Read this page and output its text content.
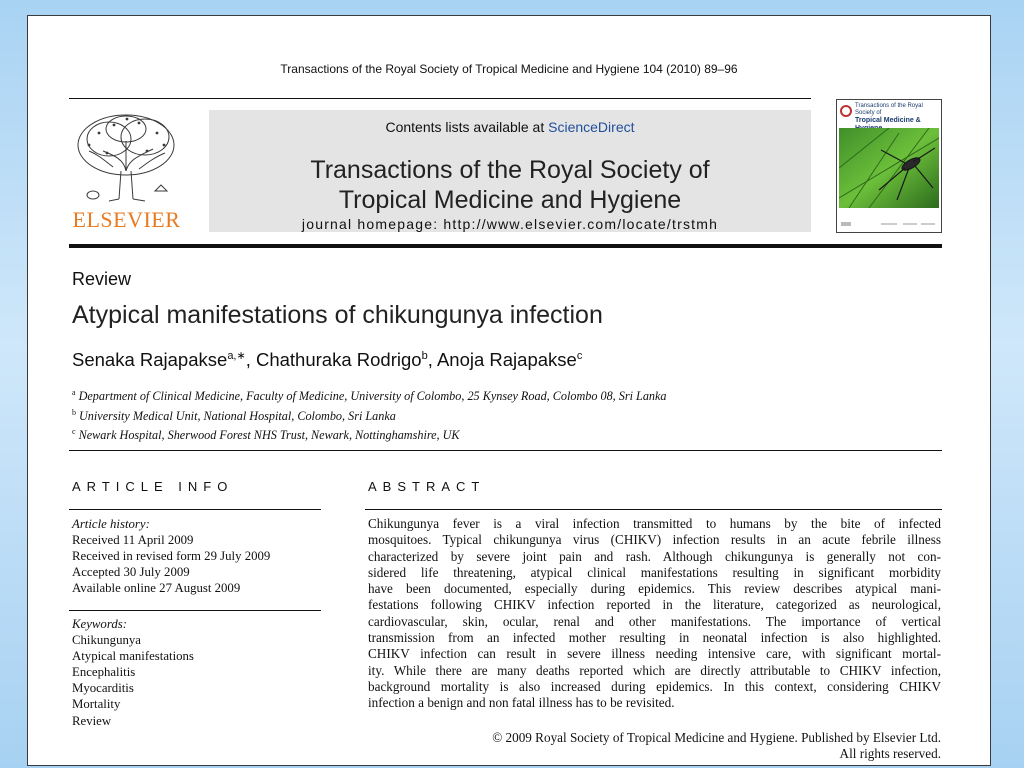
Transactions of the Royal Society of Tropical Medicine and Hygiene 104 (2010) 89–96
ELSEVIER
Contents lists available at ScienceDirect
Transactions of the Royal Society of
Tropical Medicine and Hygiene
journal homepage: http://www.elsevier.com/locate/trstmh
Transactions of the Royal Society of
Tropical Medicine &
Review
Atypical manifestations of chikungunya infection
Senaka Rajapakse$^{a,∗}$, Chathuraka Rodrigo$^b$, Anoja Rajapakse$^c$
$^a$ Department of Clinical Medicine, Faculty of Medicine, University of Colombo, 25 Kynsey Road, Colombo 08, Sri Lanka
$^b$ University Medical Unit, National Hospital, Colombo, Sri Lanka
$^c$ Newark Hospital, Sherwood Forest NHS Trust, Newark, Nottinghamshire, UK
ARTICLE INFO
Article history:
Received 11 April 2009
Received in revised form 29 July 2009
Accepted 30 July 2009
Available online 27 August 2009
Keywords:
Chikungunya
Atypical manifestations
Encephalitis
Myocarditis
Mortality
Review
ABSTRACT
Chikungunya fever is a viral infection transmitted to humans by the bite of infected
mosquitoes. Typical chikungunya virus (CHIKV) infection results in an acute febrile illness
characterized by severe joint pain and rash. Although chikungunya is generally not con-
sidered life threatening, atypical clinical manifestations resulting in significant morbidity
have been documented, especially during epidemics. This review describes atypical mani-
festations following CHIKV infection reported in the literature, categorized as neurological,
cardiovascular, skin, ocular, renal and other manifestations. The importance of vertical
transmission from an infected mother resulting in neonatal infection is also highlighted.
CHIKV infection can result in severe illness needing intensive care, with significant mortal-
ity. While there are many deaths reported which are directly attributable to CHIKV infection,
background mortality is also increased during epidemics. In this context, considering CHIKV
infection a benign and non fatal illness has to be revisited.
© 2009 Royal Society of Tropical Medicine and Hygiene. Published by Elsevier Ltd.
All rights reserved.
